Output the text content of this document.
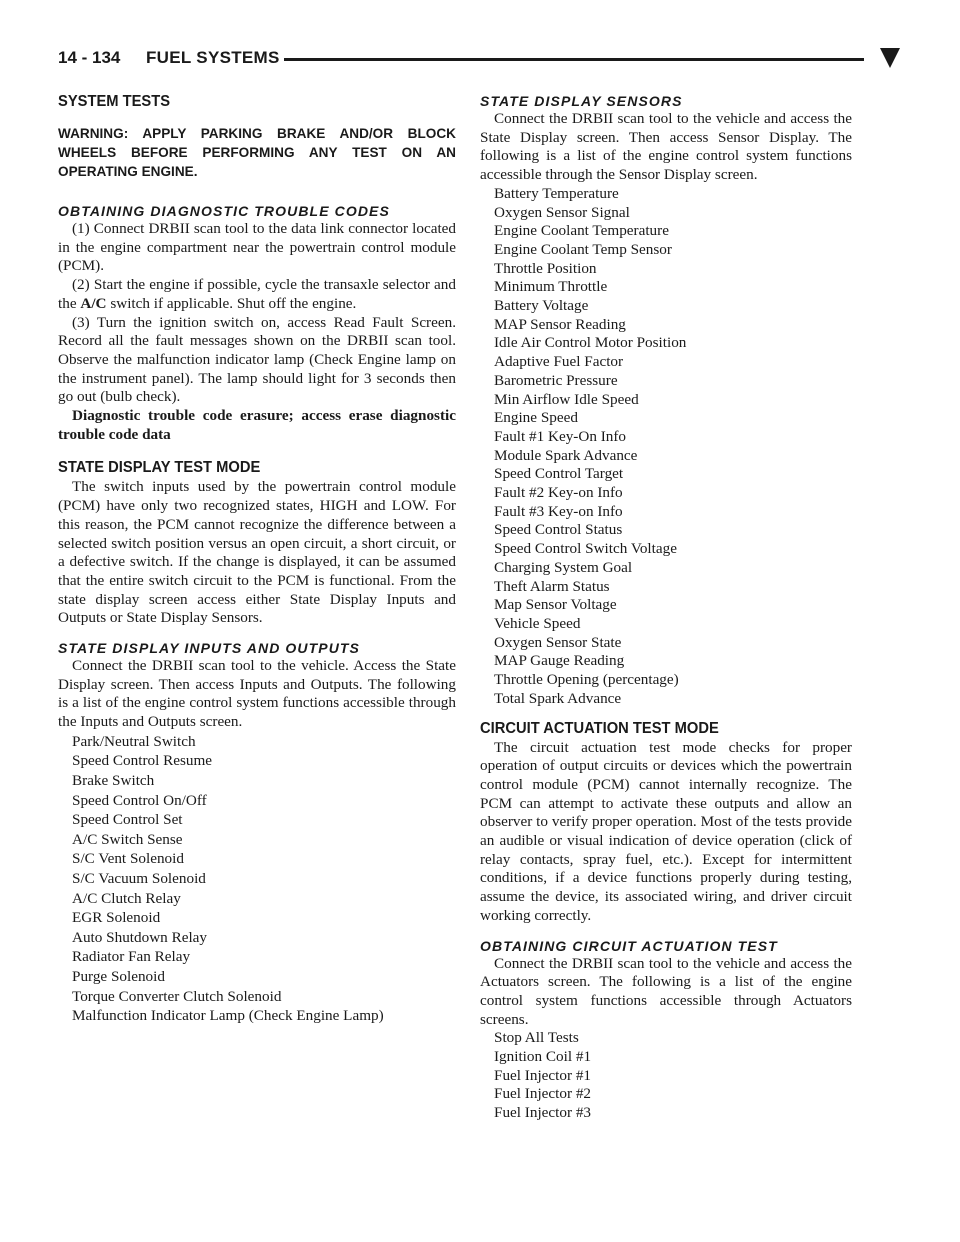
14 - 134 FUEL SYSTEMS
SYSTEM TESTS

WARNING: APPLY PARKING BRAKE AND/OR BLOCK WHEELS BEFORE PERFORMING ANY TEST ON AN OPERATING ENGINE.

OBTAINING DIAGNOSTIC TROUBLE CODES

(1) Connect DRBII scan tool to the data link connector located in the engine compartment near the powertrain control module (PCM).

(2) Start the engine if possible, cycle the transaxle selector and the A/C switch if applicable. Shut off the engine.

(3) Turn the ignition switch on, access Read Fault Screen. Record all the fault messages shown on the DRBII scan tool. Observe the malfunction indicator lamp (Check Engine lamp on the instrument panel). The lamp should light for 3 seconds then go out (bulb check).

Diagnostic trouble code erasure; access erase diagnostic trouble code data

STATE DISPLAY TEST MODE

The switch inputs used by the powertrain control module (PCM) have only two recognized states, HIGH and LOW. For this reason, the PCM cannot recognize the difference between a selected switch position versus an open circuit, a short circuit, or a defective switch. If the change is displayed, it can be assumed that the entire switch circuit to the PCM is functional. From the state display screen access either State Display Inputs and Outputs or State Display Sensors.

STATE DISPLAY INPUTS AND OUTPUTS

Connect the DRBII scan tool to the vehicle. Access the State Display screen. Then access Inputs and Outputs. The following is a list of the engine control system functions accessible through the Inputs and Outputs screen.

Park/Neutral Switch
Speed Control Resume
Brake Switch
Speed Control On/Off
Speed Control Set
A/C Switch Sense
S/C Vent Solenoid
S/C Vacuum Solenoid
A/C Clutch Relay
EGR Solenoid
Auto Shutdown Relay
Radiator Fan Relay
Purge Solenoid
Torque Converter Clutch Solenoid
Malfunction Indicator Lamp (Check Engine Lamp)
STATE DISPLAY SENSORS

Connect the DRBII scan tool to the vehicle and access the State Display screen. Then access Sensor Display. The following is a list of the engine control system functions accessible through the Sensor Display screen.

Battery Temperature
Oxygen Sensor Signal
Engine Coolant Temperature
Engine Coolant Temp Sensor
Throttle Position
Minimum Throttle
Battery Voltage
MAP Sensor Reading
Idle Air Control Motor Position
Adaptive Fuel Factor
Barometric Pressure
Min Airflow Idle Speed
Engine Speed
Fault #1 Key-On Info
Module Spark Advance
Speed Control Target
Fault #2 Key-on Info
Fault #3 Key-on Info
Speed Control Status
Speed Control Switch Voltage
Charging System Goal
Theft Alarm Status
Map Sensor Voltage
Vehicle Speed
Oxygen Sensor State
MAP Gauge Reading
Throttle Opening (percentage)
Total Spark Advance
CIRCUIT ACTUATION TEST MODE

The circuit actuation test mode checks for proper operation of output circuits or devices which the powertrain control module (PCM) cannot internally recognize. The PCM can attempt to activate these outputs and allow an observer to verify proper operation. Most of the tests provide an audible or visual indication of device operation (click of relay contacts, spray fuel, etc.). Except for intermittent conditions, if a device functions properly during testing, assume the device, its associated wiring, and driver circuit working correctly.

OBTAINING CIRCUIT ACTUATION TEST

Connect the DRBII scan tool to the vehicle and access the Actuators screen. The following is a list of the engine control system functions accessible through Actuators screens.

Stop All Tests
Ignition Coil #1
Fuel Injector #1
Fuel Injector #2
Fuel Injector #3
